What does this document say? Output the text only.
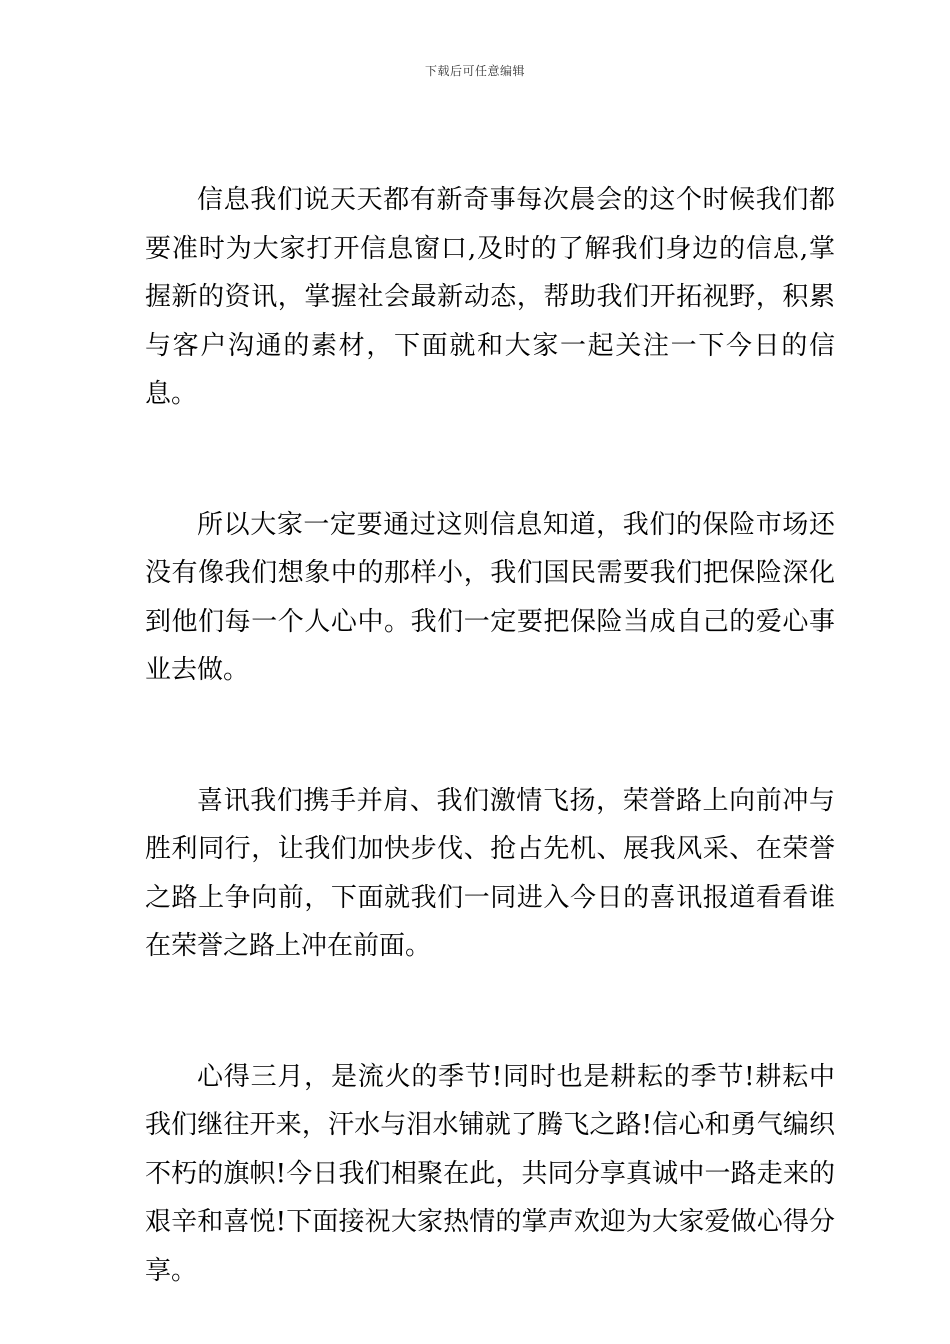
下载后可任意编辑

信息我们说天天都有新奇事每次晨会的这个时候我们都要准时为大家打开信息窗口,及时的了解我们身边的信息,掌握新的资讯，掌握社会最新动态，帮助我们开拓视野，积累与客户沟通的素材，下面就和大家一起关注一下今日的信息。

所以大家一定要通过这则信息知道，我们的保险市场还没有像我们想象中的那样小，我们国民需要我们把保险深化到他们每一个人心中。我们一定要把保险当成自己的爱心事业去做。

喜讯我们携手并肩、我们激情飞扬，荣誉路上向前冲与胜利同行，让我们加快步伐、抢占先机、展我风采、在荣誉之路上争向前，下面就我们一同进入今日的喜讯报道看看谁在荣誉之路上冲在前面。

心得三月，是流火的季节!同时也是耕耘的季节!耕耘中我们继往开来，汗水与泪水铺就了腾飞之路!信心和勇气编织不朽的旗帜!今日我们相聚在此，共同分享真诚中一路走来的艰辛和喜悦!下面接祝大家热情的掌声欢迎为大家爱做心得分享。
